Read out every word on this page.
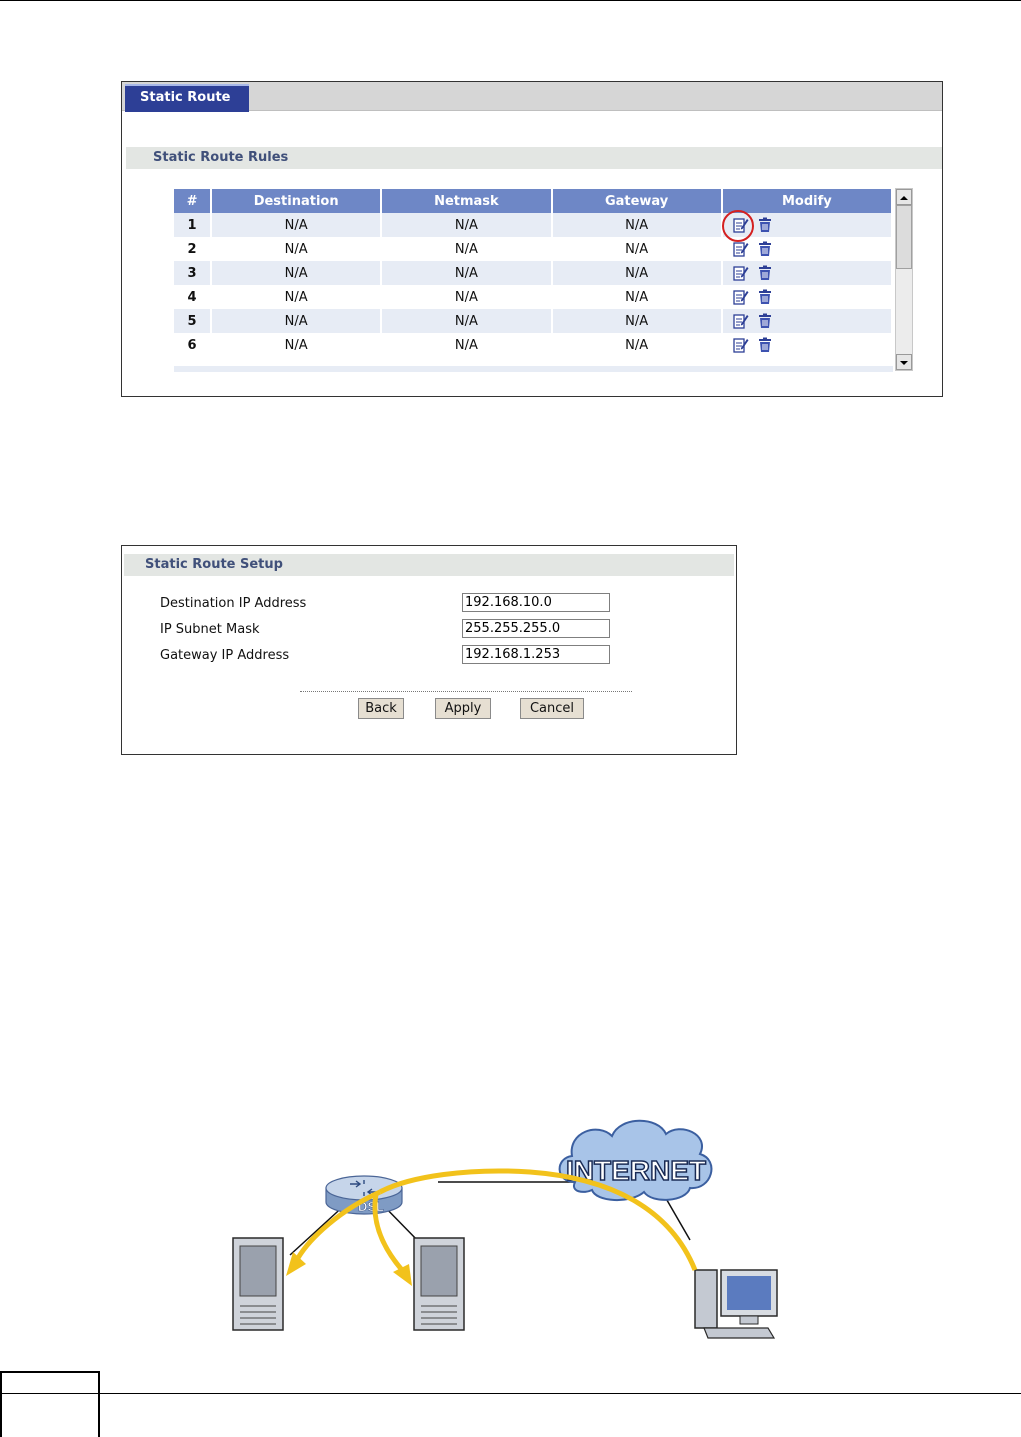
Static Route
Static Route Rules
#	Destination	Netmask	Gateway	Modify
1	N/A	N/A	N/A	
2	N/A	N/A	N/A	
3	N/A	N/A	N/A	
4	N/A	N/A	N/A	
5	N/A	N/A	N/A	
6	N/A	N/A	N/A	
Static Route Setup
Destination IP Address
192.168.10.0
IP Subnet Mask
255.255.255.0
Gateway IP Address
192.168.1.253
Back	Apply	Cancel
INTERNET
DSL
